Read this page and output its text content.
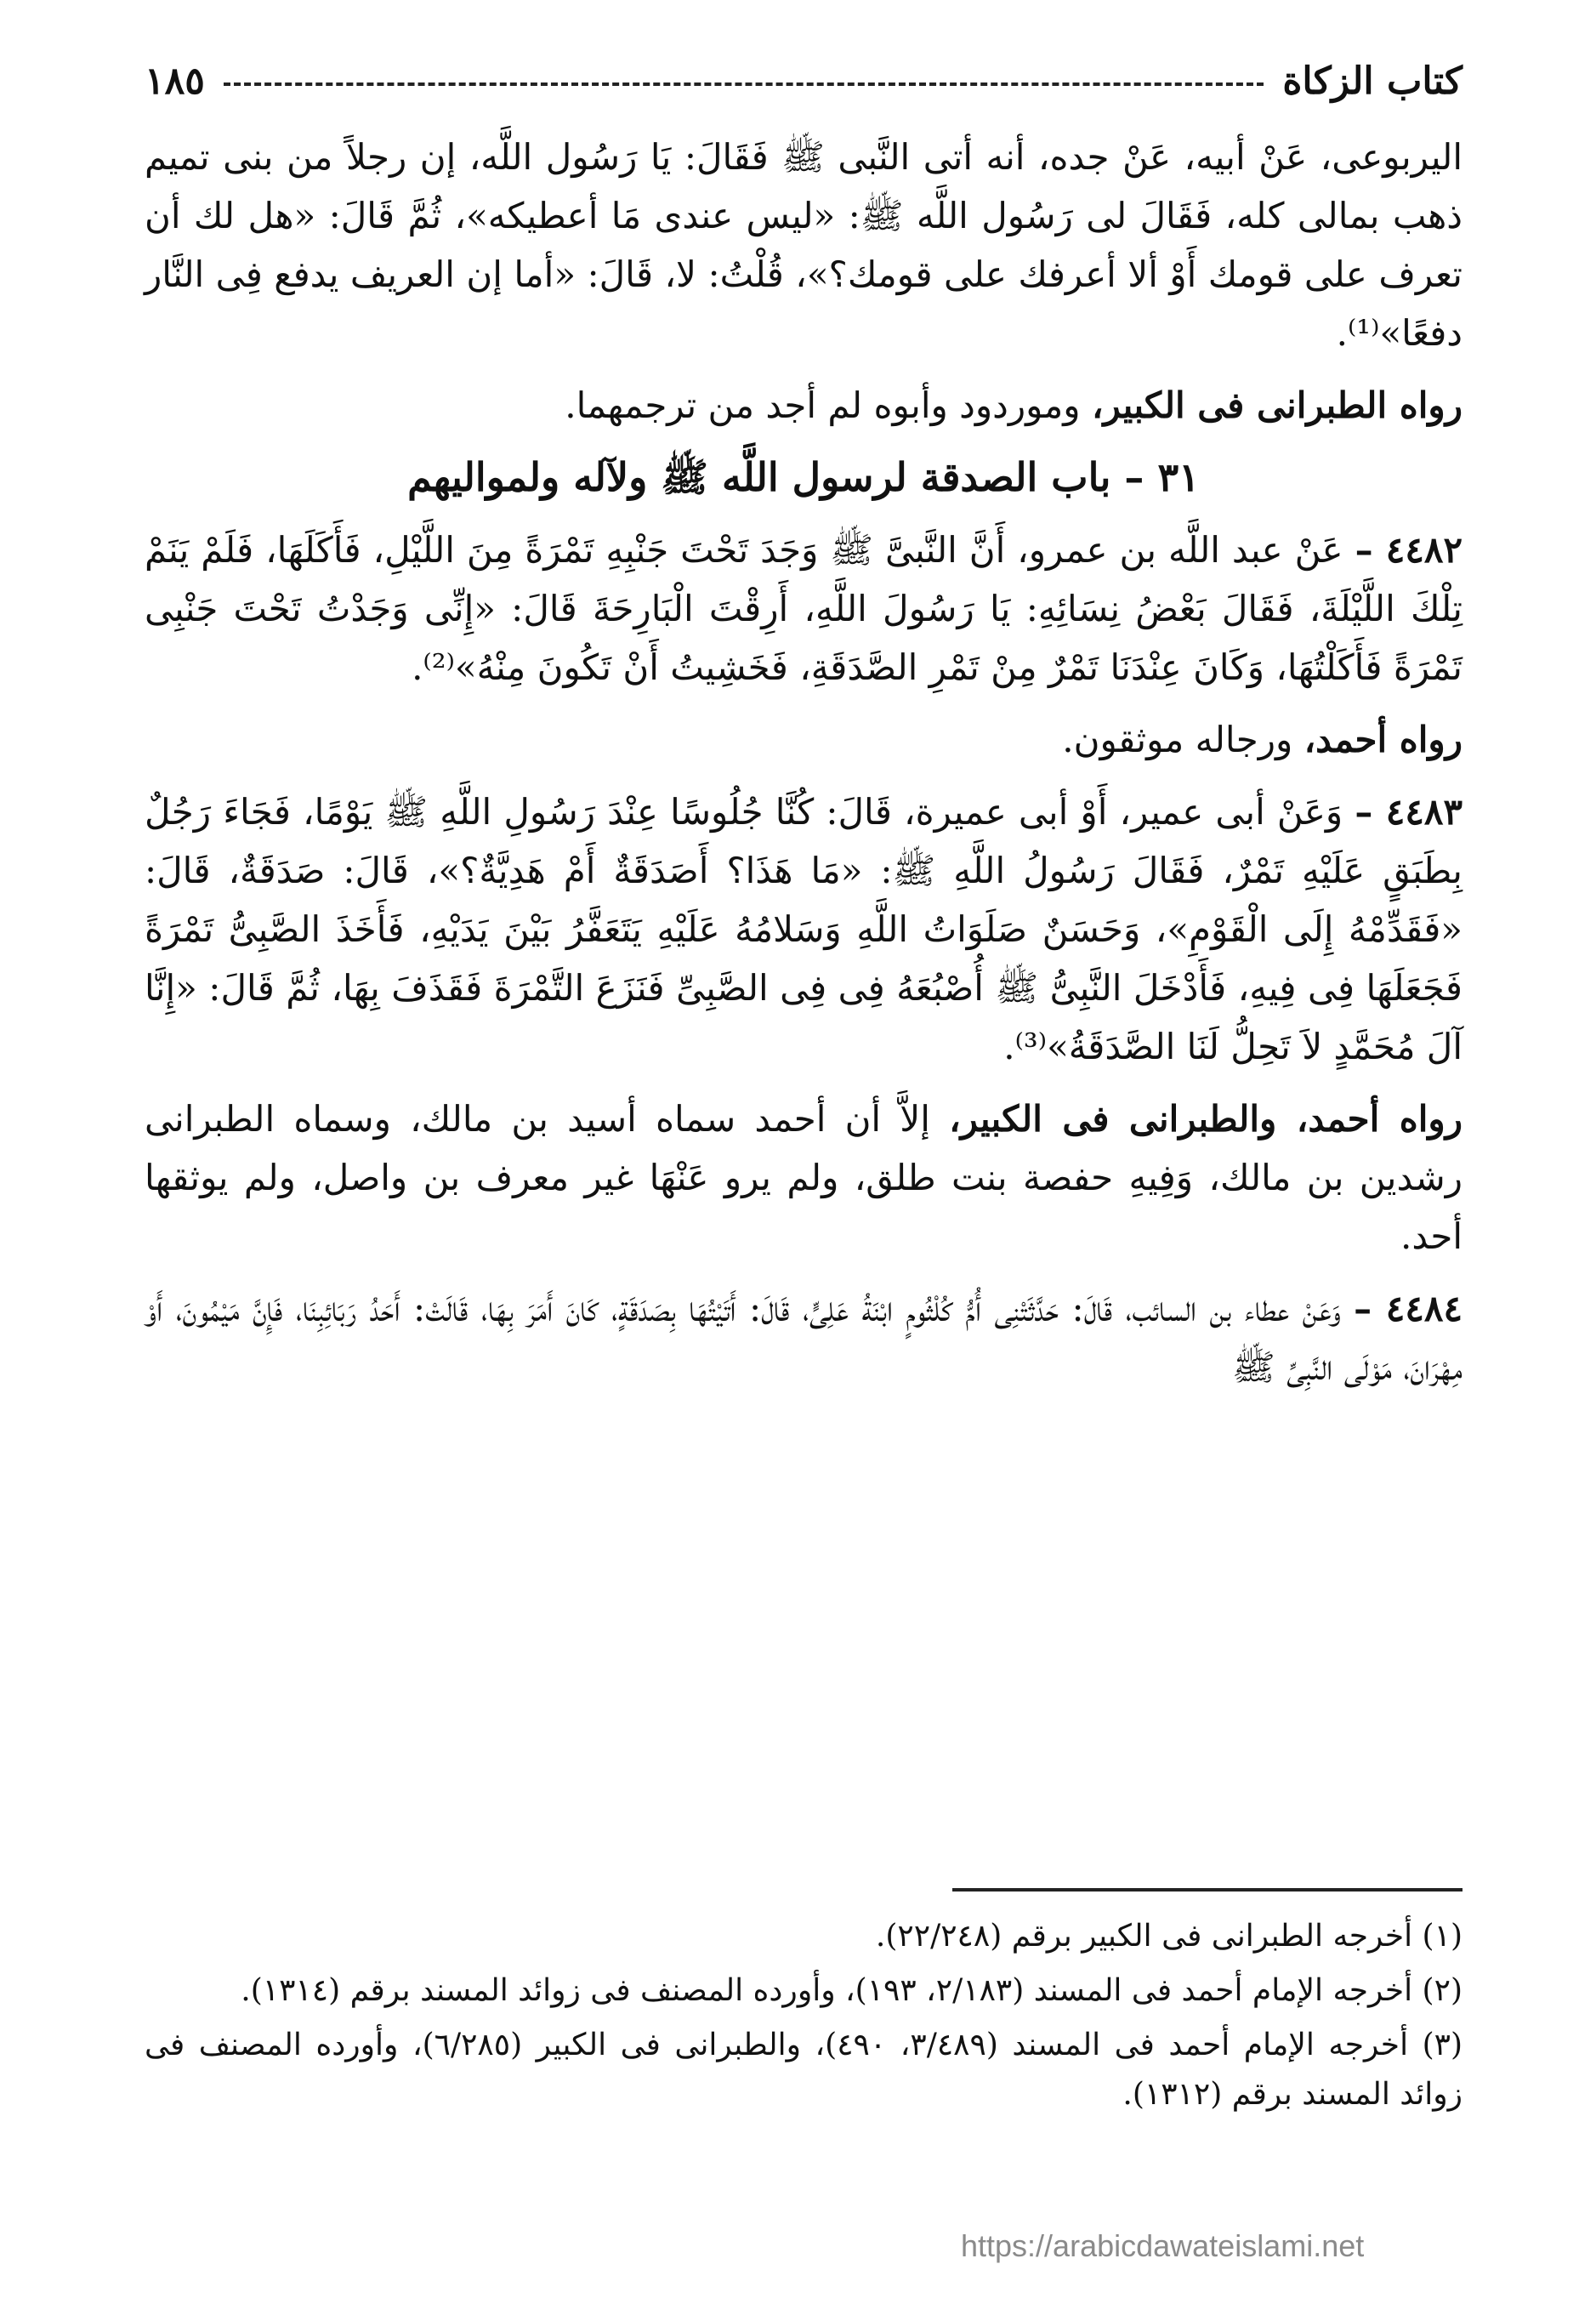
كتاب الزكاة
١٨٥

اليربوعى، عَنْ أبيه، عَنْ جده، أنه أتى النَّبى ﷺ فَقَالَ: يَا رَسُول اللَّه، إن رجلاً من بنى تميم ذهب بمالى كله، فَقَالَ لى رَسُول اللَّه ﷺ: «ليس عندى مَا أعطيكه»، ثُمَّ قَالَ: «هل لك أن تعرف على قومك أَوْ ألا أعرفك على قومك؟»، قُلْتُ: لا، قَالَ: «أما إن العريف يدفع فِى النَّار دفعًا»⁽¹⁾.

رواه الطبرانى فى الكبير، وموردود وأبوه لم أجد من ترجمهما.

٣١ – باب الصدقة لرسول اللَّه ﷺ ولآله ولمواليهم

٤٤٨٢ – عَنْ عبد اللَّه بن عمرو، أَنَّ النَّبىَّ ﷺ وَجَدَ تَحْتَ جَنْبِهِ تَمْرَةً مِنَ اللَّيْلِ، فَأَكَلَهَا، فَلَمْ يَنَمْ تِلْكَ اللَّيْلَةَ، فَقَالَ بَعْضُ نِسَائِهِ: يَا رَسُولَ اللَّهِ، أَرِقْتَ الْبَارِحَةَ قَالَ: «إِنِّى وَجَدْتُ تَحْتَ جَنْبِى تَمْرَةً فَأَكَلْتُهَا، وَكَانَ عِنْدَنَا تَمْرٌ مِنْ تَمْرِ الصَّدَقَةِ، فَخَشِيتُ أَنْ تَكُونَ مِنْهُ»⁽²⁾.

رواه أحمد، ورجاله موثقون.

٤٤٨٣ – وَعَنْ أبى عمير، أَوْ أبى عميرة، قَالَ: كُنَّا جُلُوسًا عِنْدَ رَسُولِ اللَّهِ ﷺ يَوْمًا، فَجَاءَ رَجُلٌ بِطَبَقٍ عَلَيْهِ تَمْرٌ، فَقَالَ رَسُولُ اللَّهِ ﷺ: «مَا هَذَا؟ أَصَدَقَةٌ أَمْ هَدِيَّةٌ؟»، قَالَ: صَدَقَةٌ، قَالَ: «فَقَدِّمْهُ إِلَى الْقَوْمِ»، وَحَسَنٌ صَلَوَاتُ اللَّهِ وَسَلامُهُ عَلَيْهِ يَتَعَفَّرُ بَيْنَ يَدَيْهِ، فَأَخَذَ الصَّبِىُّ تَمْرَةً فَجَعَلَهَا فِى فِيهِ، فَأَدْخَلَ النَّبِىُّ ﷺ أُصْبُعَهُ فِى فِى الصَّبِىِّ فَنَزَعَ التَّمْرَةَ فَقَذَفَ بِهَا، ثُمَّ قَالَ: «إِنَّا آلَ مُحَمَّدٍ لاَ تَحِلُّ لَنَا الصَّدَقَةُ»⁽³⁾.

رواه أحمد، والطبرانى فى الكبير، إلاَّ أن أحمد سماه أسيد بن مالك، وسماه الطبرانى رشدين بن مالك، وَفِيهِ حفصة بنت طلق، ولم يرو عَنْهَا غير معرف بن واصل، ولم يوثقها أحد.

٤٤٨٤ – وَعَنْ عطاء بن السائب، قَالَ: حَدَّثَتْنِى أُمُّ كُلْثُومٍ ابْنَةُ عَلِىٍّ، قَالَ: أَتَيْتُهَا بِصَدَقَةٍ، كَانَ أَمَرَ بِهَا، قَالَتْ: أَحَدُ رَبَائِبِنَا، فَإِنَّ مَيْمُونَ، أَوْ مِهْرَانَ، مَوْلَى النَّبِىِّ ﷺ

(١) أخرجه الطبرانى فى الكبير برقم (٢٢/٢٤٨).

(٢) أخرجه الإمام أحمد فى المسند (٢/١٨٣، ١٩٣)، وأورده المصنف فى زوائد المسند برقم (١٣١٤).

(٣) أخرجه الإمام أحمد فى المسند (٣/٤٨٩، ٤٩٠)، والطبرانى فى الكبير (٦/٢٨٥)، وأورده المصنف فى زوائد المسند برقم (١٣١٢).

https://arabicdawateislami.net
